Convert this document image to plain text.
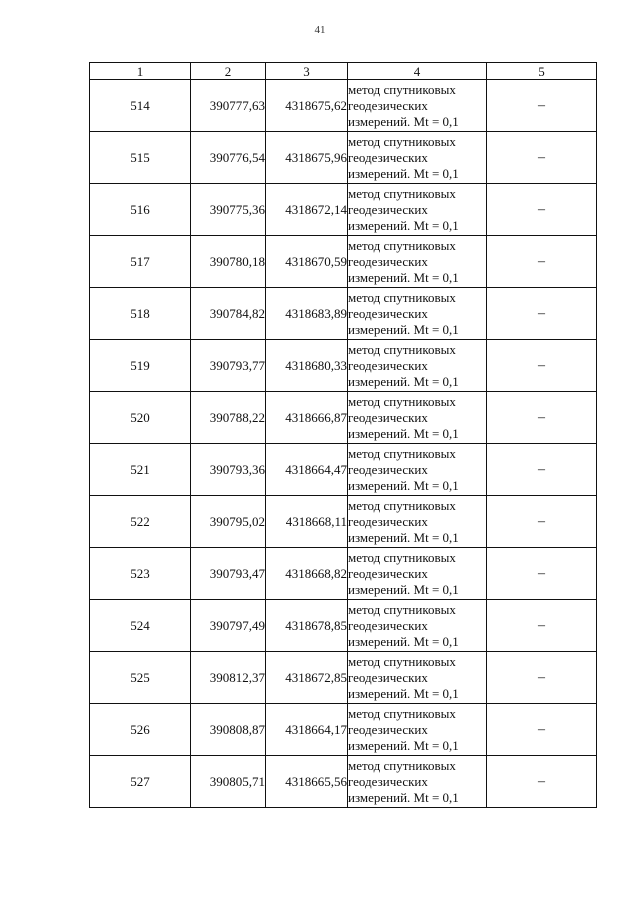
41
1	2	3	4	5
514	390777,63	4318675,62	метод спутниковых
геодезических
измерений. Mt = 0,1	–
515	390776,54	4318675,96	метод спутниковых
геодезических
измерений. Mt = 0,1	–
516	390775,36	4318672,14	метод спутниковых
геодезических
измерений. Mt = 0,1	–
517	390780,18	4318670,59	метод спутниковых
геодезических
измерений. Mt = 0,1	–
518	390784,82	4318683,89	метод спутниковых
геодезических
измерений. Mt = 0,1	–
519	390793,77	4318680,33	метод спутниковых
геодезических
измерений. Mt = 0,1	–
520	390788,22	4318666,87	метод спутниковых
геодезических
измерений. Mt = 0,1	–
521	390793,36	4318664,47	метод спутниковых
геодезических
измерений. Mt = 0,1	–
522	390795,02	4318668,11	метод спутниковых
геодезических
измерений. Mt = 0,1	–
523	390793,47	4318668,82	метод спутниковых
геодезических
измерений. Mt = 0,1	–
524	390797,49	4318678,85	метод спутниковых
геодезических
измерений. Mt = 0,1	–
525	390812,37	4318672,85	метод спутниковых
геодезических
измерений. Mt = 0,1	–
526	390808,87	4318664,17	метод спутниковых
геодезических
измерений. Mt = 0,1	–
527	390805,71	4318665,56	метод спутниковых
геодезических
измерений. Mt = 0,1	–
